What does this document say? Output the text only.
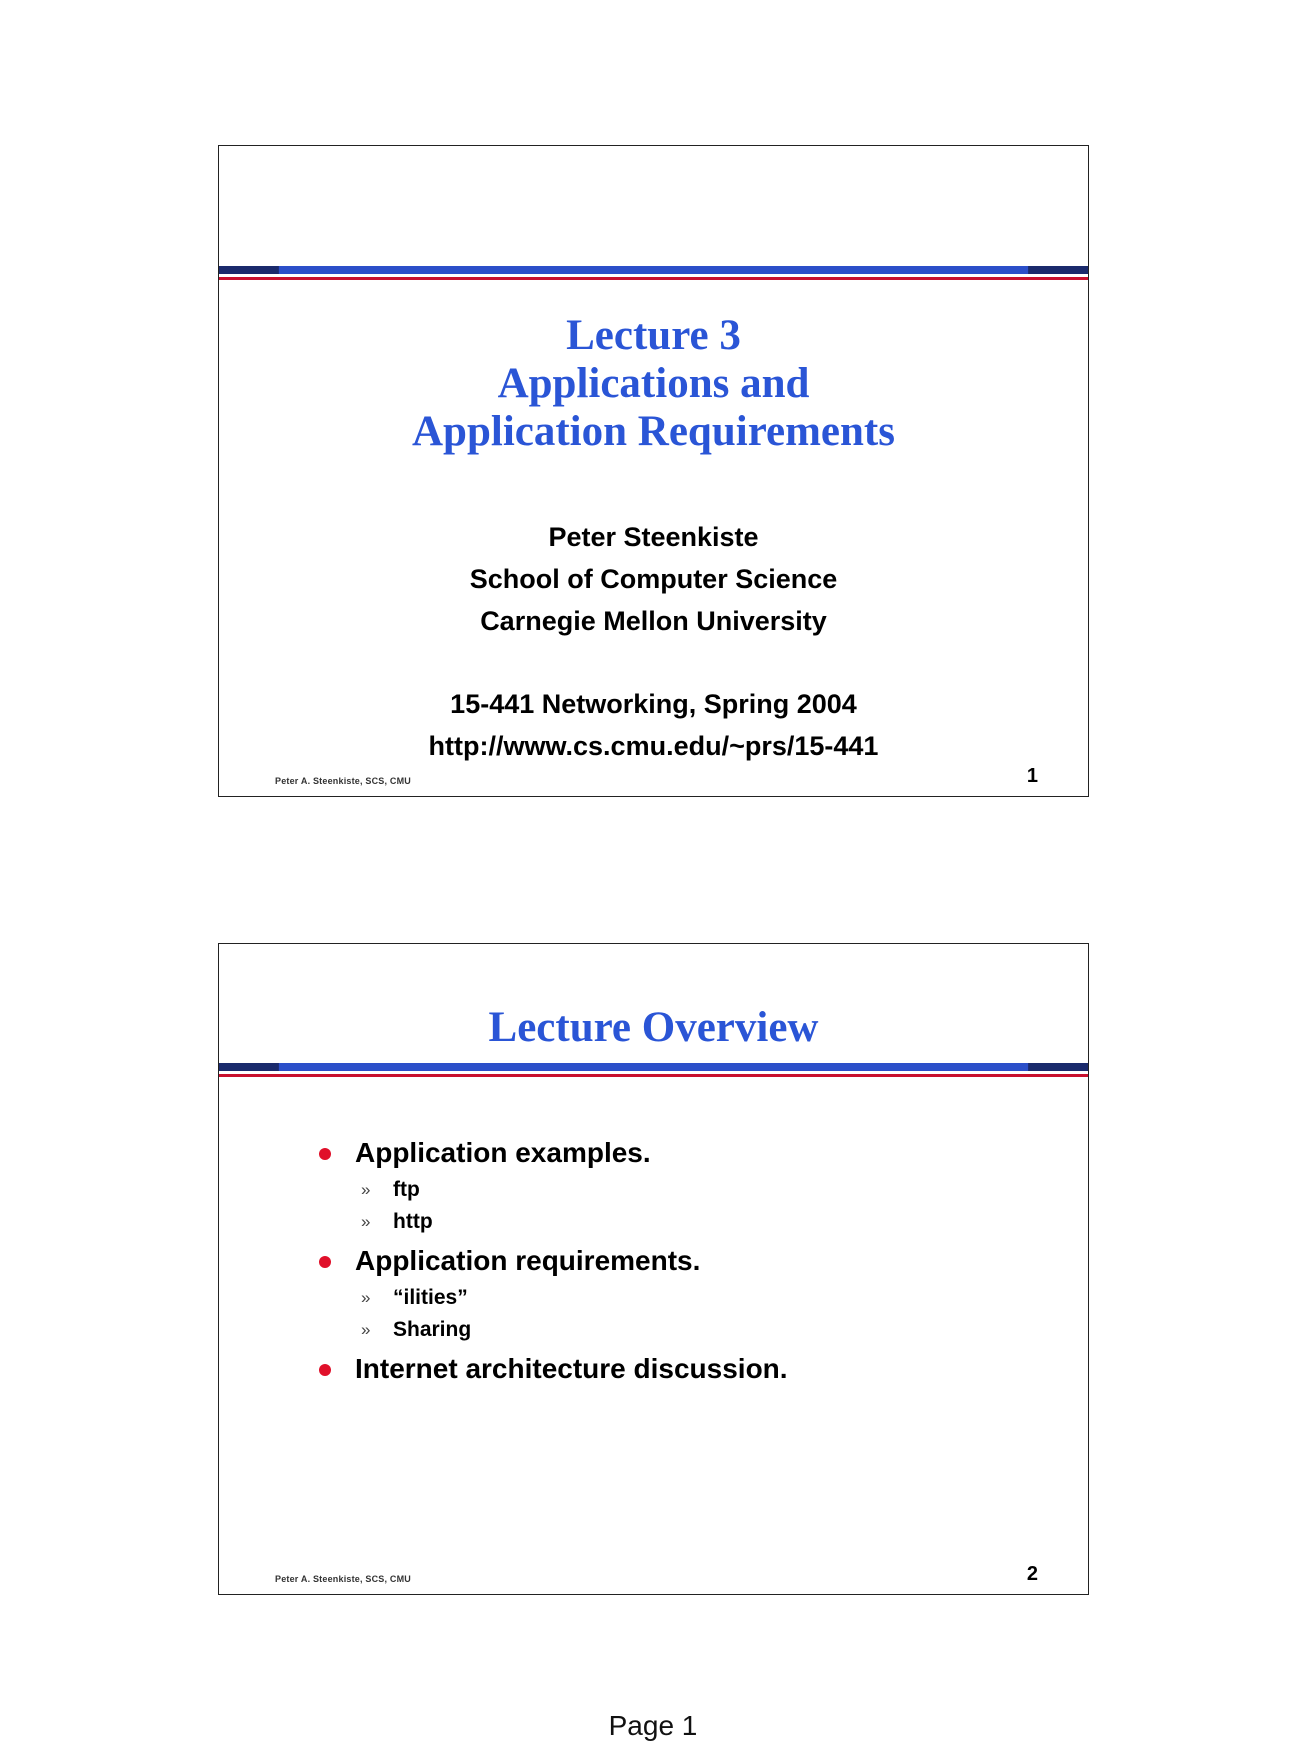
Lecture 3
Applications and
Application Requirements
Peter Steenkiste
School of Computer Science
Carnegie Mellon University
15-441 Networking, Spring 2004
http://www.cs.cmu.edu/~prs/15-441
Peter A. Steenkiste, SCS, CMU	1
Lecture Overview
Application examples.
» ftp
» http
Application requirements.
» “ilities”
» Sharing
Internet architecture discussion.
Peter A. Steenkiste, SCS, CMU	2
Page 1
